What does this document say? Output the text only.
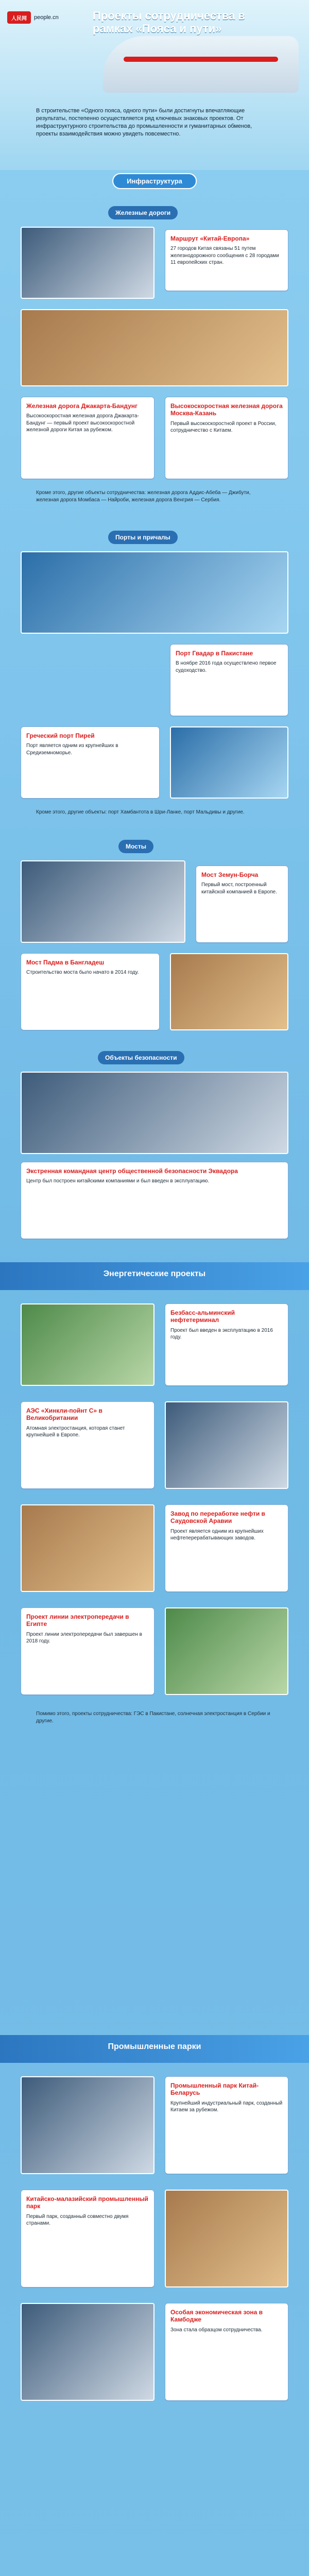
人民网	people.cn	Проекты сотрудничества в рамках «Пояса и пути»
В строительстве «Одного пояса, одного пути» были достигнуты впечатляющие результаты, постепенно осуществляется ряд ключевых знаковых проектов. От инфраструктурного строительства до промышленности и гуманитарных обменов, проекты взаимодействия можно увидеть повсеместно.
Инфраструктура
Железные дороги
Маршрут «Китай-Европа»
27 городов Китая связаны 51 путем железнодорожного сообщения с 28 городами 11 европейских стран.
Железная дорога Джакарта-Бандунг
Высокоскоростная железная дорога Джакарта-Бандунг — первый проект высокоскоростной железной дороги Китая за рубежом.
Высокоскоростная железная дорога Москва-Казань
Первый высокоскоростной проект в России, сотрудничество с Китаем.
Кроме этого, другие объекты сотрудничества: железная дорога Аддис-Абеба — Джибути, железная дорога Момбаса — Найроби, железная дорога Венгрия — Сербия.
Порты и причалы
Порт Гвадар в Пакистане
В ноябре 2016 года осуществлено первое судоходство.
Греческий порт Пирей
Порт является одним из крупнейших в Средиземноморье.
Кроме этого, другие объекты: порт Хамбантота в Шри-Ланке, порт Мальдивы и другие.
Мосты
Мост Земун-Борча
Первый мост, построенный китайской компанией в Европе.
Мост Падма в Бангладеш
Строительство моста было начато в 2014 году.
Объекты безопасности
Экстренная командная центр общественной безопасности Эквадора
Центр был построен китайскими компаниями и был введен в эксплуатацию.
Энергетические проекты
Безбасс-альминский нефтетерминал
Проект был введен в эксплуатацию в 2016 году.
АЭС «Хинкли-пойнт С» в Великобритании
Атомная электростанция, которая станет крупнейшей в Европе.
Завод по переработке нефти в Саудовской Аравии
Проект является одним из крупнейших нефтеперерабатывающих заводов.
Проект линии электропередачи в Египте
Проект линии электропередачи был завершен в 2018 году.
Помимо этого, проекты сотрудничества: ГЭС в Пакистане, солнечная электростанция в Сербии и другие.
Промышленные парки
Промышленный парк Китай-Беларусь
Крупнейший индустриальный парк, созданный Китаем за рубежом.
Китайско-малазийский промышленный парк
Первый парк, созданный совместно двумя странами.
Особая экономическая зона в Камбодже
Зона стала образцом сотрудничества.
